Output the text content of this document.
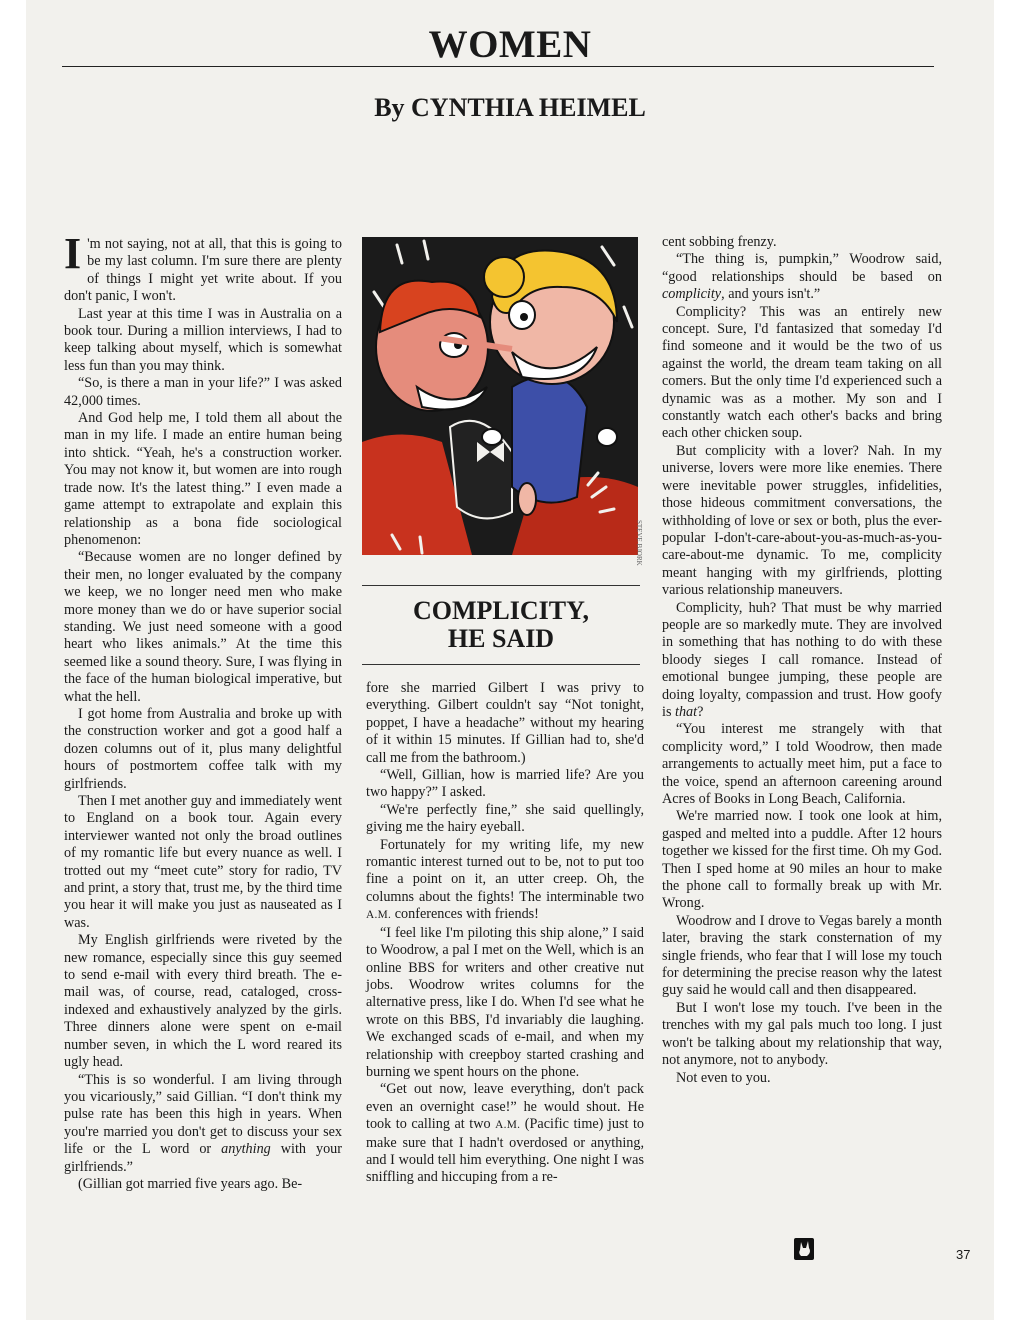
WOMEN
By CYNTHIA HEIMEL

I 'm not saying, not at all, that this is going to be my last column. I'm sure there are plenty of things I might yet write about. If you don't panic, I won't.

Last year at this time I was in Australia on a book tour. During a million interviews, I had to keep talking about myself, which is somewhat less fun than you may think.

“So, is there a man in your life?” I was asked 42,000 times.

And God help me, I told them all about the man in my life. I made an entire human being into shtick. “Yeah, he's a construction worker. You may not know it, but women are into rough trade now. It's the latest thing.” I even made a game attempt to extrapolate and explain this relationship as a bona fide sociological phenomenon:

“Because women are no longer defined by their men, no longer evaluated by the company we keep, we no longer need men who make more money than we do or have superior social standing. We just need someone with a good heart who likes animals.” At the time this seemed like a sound theory. Sure, I was flying in the face of the human biological imperative, but what the hell.

I got home from Australia and broke up with the construction worker and got a good half a dozen columns out of it, plus many delightful hours of postmortem coffee talk with my girlfriends.

Then I met another guy and immediately went to England on a book tour. Again every interviewer wanted not only the broad outlines of my romantic life but every nuance as well. I trotted out my “meet cute” story for radio, TV and print, a story that, trust me, by the third time you hear it will make you just as nauseated as I was.

My English girlfriends were riveted by the new romance, especially since this guy seemed to send e-mail with every third breath. The e-mail was, of course, read, cataloged, cross-indexed and exhaustively analyzed by the girls. Three dinners alone were spent on e-mail number seven, in which the L word reared its ugly head.

“This is so wonderful. I am living through you vicariously,” said Gillian. “I don't think my pulse rate has been this high in years. When you're married you don't get to discuss your sex life or the L word or anything with your girlfriends.”

(Gillian got married five years ago. Be-

STEVE BJORK
COMPLICITY,
HE SAID

fore she married Gilbert I was privy to everything. Gilbert couldn't say “Not tonight, poppet, I have a headache” without my hearing of it within 15 minutes. If Gillian had to, she'd call me from the bathroom.)

“Well, Gillian, how is married life? Are you two happy?” I asked.

“We're perfectly fine,” she said quellingly, giving me the hairy eyeball.

Fortunately for my writing life, my new romantic interest turned out to be, not to put too fine a point on it, an utter creep. Oh, the columns about the fights! The interminable two A.M. conferences with friends!

“I feel like I'm piloting this ship alone,” I said to Woodrow, a pal I met on the Well, which is an online BBS for writers and other creative nut jobs. Woodrow writes columns for the alternative press, like I do. When I'd see what he wrote on this BBS, I'd invariably die laughing. We exchanged scads of e-mail, and when my relationship with creepboy started crashing and burning we spent hours on the phone.

“Get out now, leave everything, don't pack even an overnight case!” he would shout. He took to calling at two A.M. (Pacific time) just to make sure that I hadn't overdosed or anything, and I would tell him everything. One night I was sniffling and hiccuping from a re-

cent sobbing frenzy.

“The thing is, pumpkin,” Woodrow said, “good relationships should be based on complicity, and yours isn't.”

Complicity? This was an entirely new concept. Sure, I'd fantasized that someday I'd find someone and it would be the two of us against the world, the dream team taking on all comers. But the only time I'd experienced such a dynamic was as a mother. My son and I constantly watch each other's backs and bring each other chicken soup.

But complicity with a lover? Nah. In my universe, lovers were more like enemies. There were inevitable power struggles, infidelities, those hideous commitment conversations, the withholding of love or sex or both, plus the ever-popular I-don't-care-about-you-as-much-as-you-care-about-me dynamic. To me, complicity meant hanging with my girlfriends, plotting various relationship maneuvers.

Complicity, huh? That must be why married people are so markedly mute. They are involved in something that has nothing to do with these bloody sieges I call romance. Instead of emotional bungee jumping, these people are doing loyalty, compassion and trust. How goofy is that?

“You interest me strangely with that complicity word,” I told Woodrow, then made arrangements to actually meet him, put a face to the voice, spend an afternoon careening around Acres of Books in Long Beach, California.

We're married now. I took one look at him, gasped and melted into a puddle. After 12 hours together we kissed for the first time. Oh my God. Then I sped home at 90 miles an hour to make the phone call to formally break up with Mr. Wrong.

Woodrow and I drove to Vegas barely a month later, braving the stark consternation of my single friends, who fear that I will lose my touch for determining the precise reason why the latest guy said he would call and then disappeared.

But I won't lose my touch. I've been in the trenches with my gal pals much too long. I just won't be talking about my relationship that way, not anymore, not to anybody.

Not even to you.

37
